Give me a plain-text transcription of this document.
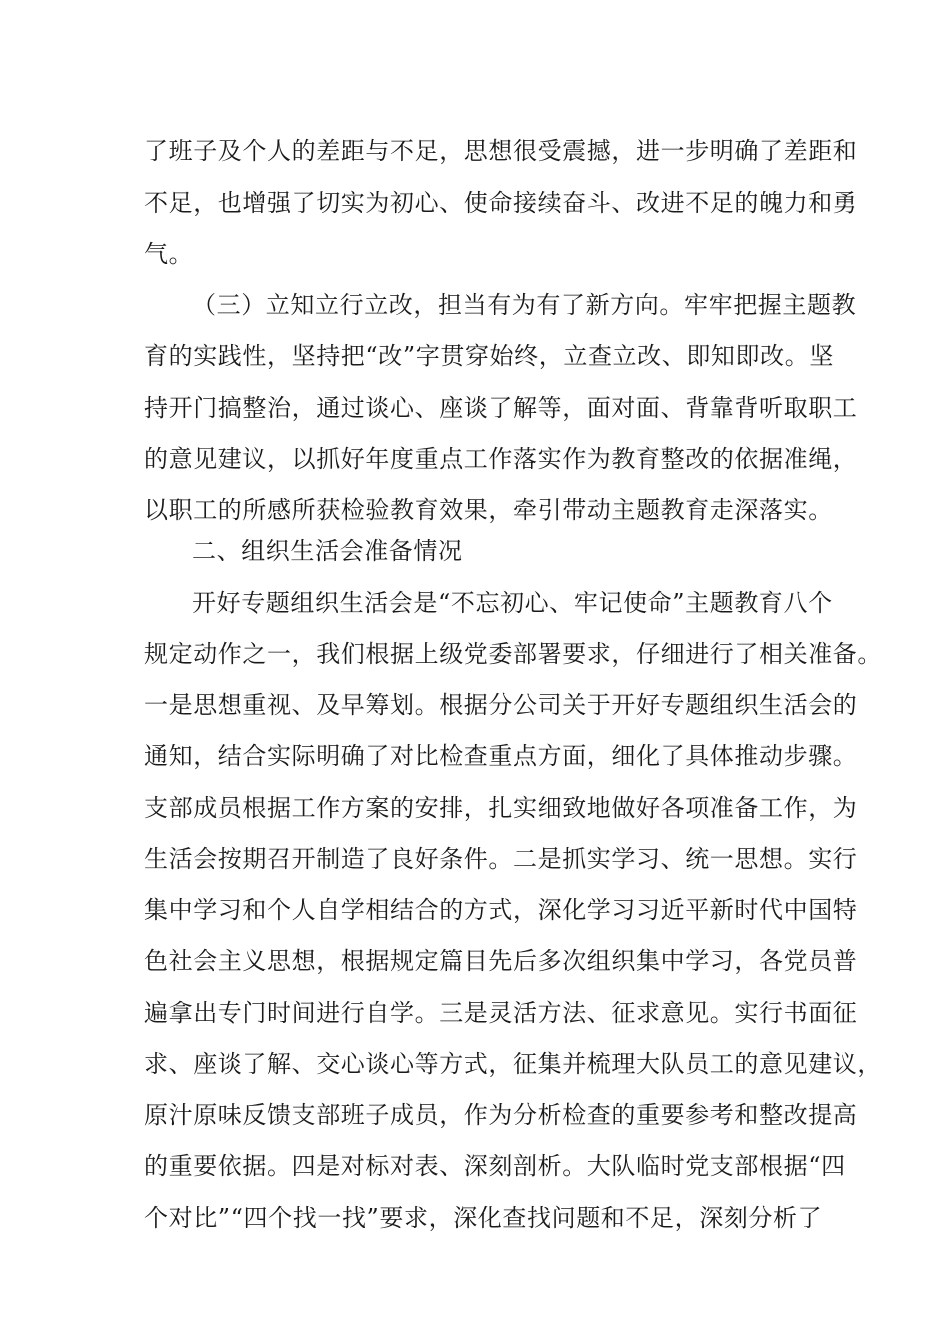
了班子及个人的差距与不足，思想很受震撼，进一步明确了差距和
不足，也增强了切实为初心、使命接续奋斗、改进不足的魄力和勇
气。
（三）立知立行立改，担当有为有了新方向。牢牢把握主题教
育的实践性，坚持把“改”字贯穿始终，立查立改、即知即改。坚
持开门搞整治，通过谈心、座谈了解等，面对面、背靠背听取职工
的意见建议，以抓好年度重点工作落实作为教育整改的依据准绳，
以职工的所感所获检验教育效果，牵引带动主题教育走深落实。
二、组织生活会准备情况
开好专题组织生活会是“不忘初心、牢记使命”主题教育八个
规定动作之一，我们根据上级党委部署要求，仔细进行了相关准备。
一是思想重视、及早筹划。根据分公司关于开好专题组织生活会的
通知，结合实际明确了对比检查重点方面，细化了具体推动步骤。
支部成员根据工作方案的安排，扎实细致地做好各项准备工作，为
生活会按期召开制造了良好条件。二是抓实学习、统一思想。实行
集中学习和个人自学相结合的方式，深化学习习近平新时代中国特
色社会主义思想，根据规定篇目先后多次组织集中学习，各党员普
遍拿出专门时间进行自学。三是灵活方法、征求意见。实行书面征
求、座谈了解、交心谈心等方式，征集并梳理大队员工的意见建议，
原汁原味反馈支部班子成员，作为分析检查的重要参考和整改提高
的重要依据。四是对标对表、深刻剖析。大队临时党支部根据“四
个对比”“四个找一找”要求，深化查找问题和不足，深刻分析了
